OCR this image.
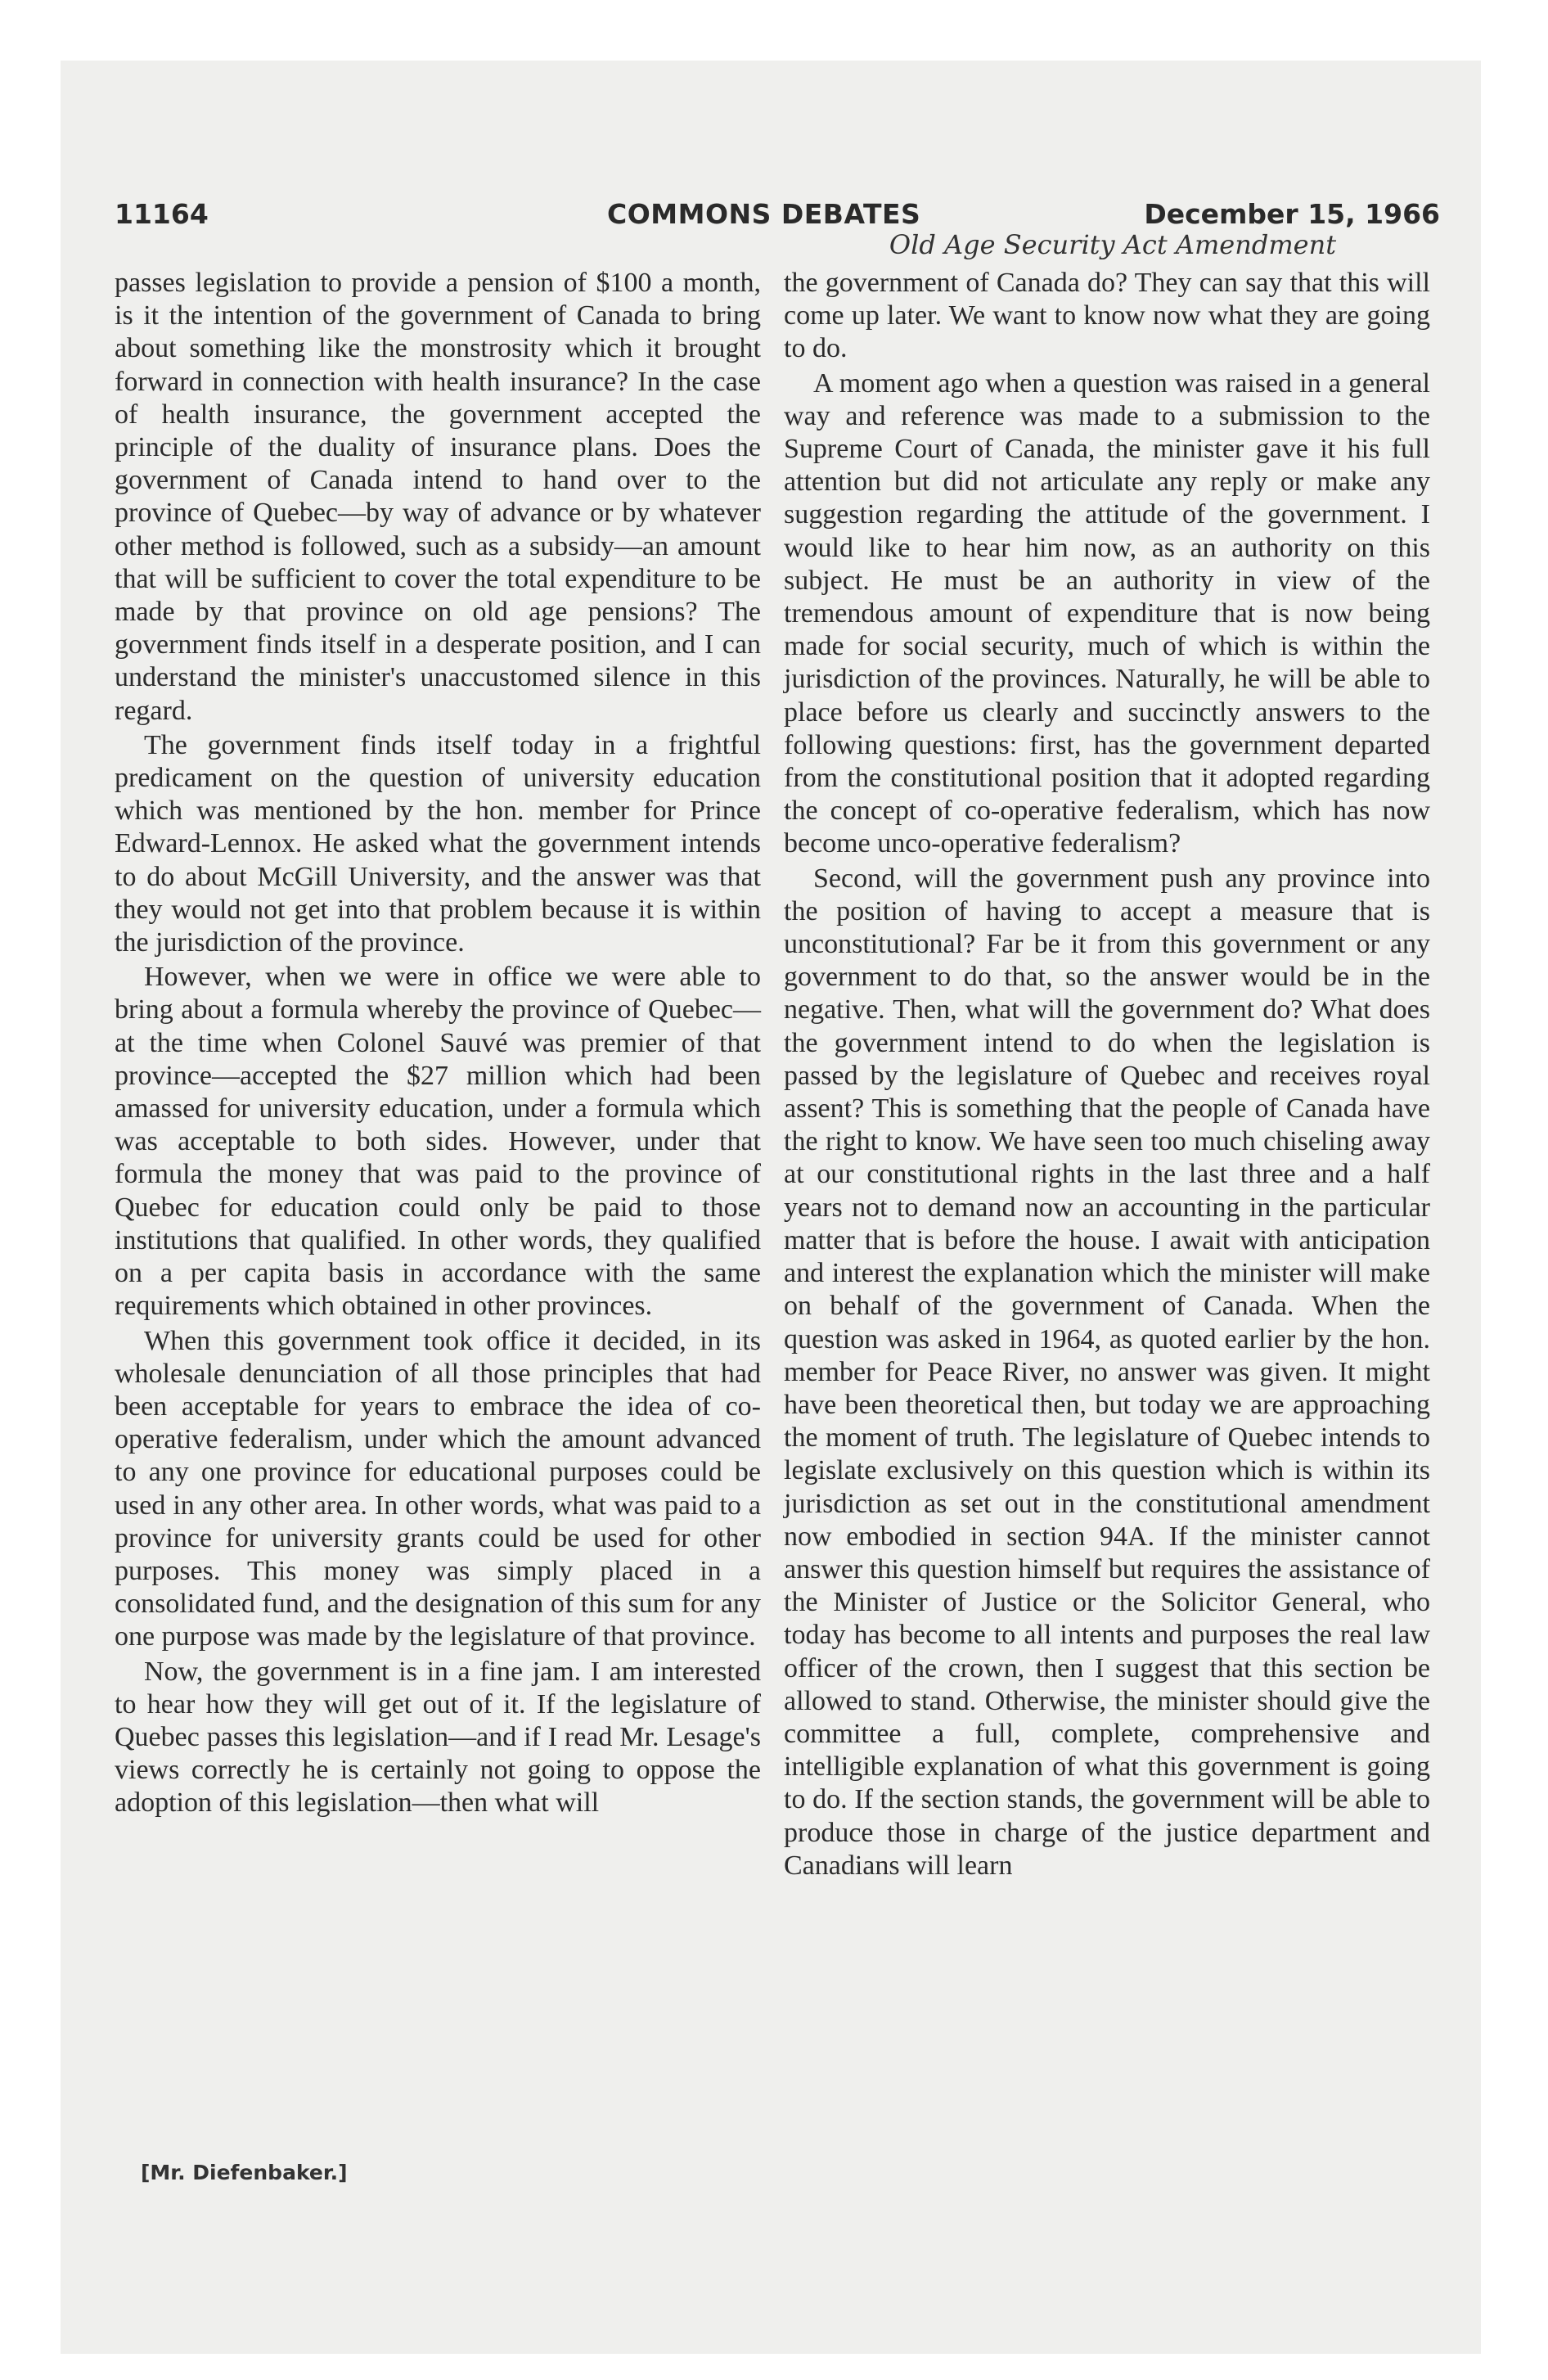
11164	COMMONS DEBATES	December 15, 1966
Old Age Security Act Amendment

passes legislation to provide a pension of $100 a month, is it the intention of the government of Canada to bring about something like the monstrosity which it brought forward in connection with health insurance? In the case of health insurance, the government accepted the principle of the duality of insurance plans. Does the government of Canada intend to hand over to the province of Quebec—by way of advance or by whatever other method is followed, such as a subsidy—an amount that will be sufficient to cover the total expenditure to be made by that province on old age pensions? The government finds itself in a desperate position, and I can understand the minister's unaccustomed silence in this regard.

The government finds itself today in a frightful predicament on the question of university education which was mentioned by the hon. member for Prince Edward-Lennox. He asked what the government intends to do about McGill University, and the answer was that they would not get into that problem because it is within the jurisdiction of the province.

However, when we were in office we were able to bring about a formula whereby the province of Quebec—at the time when Colonel Sauvé was premier of that province—accepted the $27 million which had been amassed for university education, under a formula which was acceptable to both sides. However, under that formula the money that was paid to the province of Quebec for education could only be paid to those institutions that qualified. In other words, they qualified on a per capita basis in accordance with the same requirements which obtained in other provinces.

When this government took office it decided, in its wholesale denunciation of all those principles that had been acceptable for years to embrace the idea of co-operative federalism, under which the amount advanced to any one province for educational purposes could be used in any other area. In other words, what was paid to a province for university grants could be used for other purposes. This money was simply placed in a consolidated fund, and the designation of this sum for any one purpose was made by the legislature of that province.

Now, the government is in a fine jam. I am interested to hear how they will get out of it. If the legislature of Quebec passes this legislation—and if I read Mr. Lesage's views correctly he is certainly not going to oppose the adoption of this legislation—then what will

the government of Canada do? They can say that this will come up later. We want to know now what they are going to do.

A moment ago when a question was raised in a general way and reference was made to a submission to the Supreme Court of Canada, the minister gave it his full attention but did not articulate any reply or make any suggestion regarding the attitude of the government. I would like to hear him now, as an authority on this subject. He must be an authority in view of the tremendous amount of expenditure that is now being made for social security, much of which is within the jurisdiction of the provinces. Naturally, he will be able to place before us clearly and succinctly answers to the following questions: first, has the government departed from the constitutional position that it adopted regarding the concept of co-operative federalism, which has now become unco-operative federalism?

Second, will the government push any province into the position of having to accept a measure that is unconstitutional? Far be it from this government or any government to do that, so the answer would be in the negative. Then, what will the government do? What does the government intend to do when the legislation is passed by the legislature of Quebec and receives royal assent? This is something that the people of Canada have the right to know. We have seen too much chiseling away at our constitutional rights in the last three and a half years not to demand now an accounting in the particular matter that is before the house. I await with anticipation and interest the explanation which the minister will make on behalf of the government of Canada. When the question was asked in 1964, as quoted earlier by the hon. member for Peace River, no answer was given. It might have been theoretical then, but today we are approaching the moment of truth. The legislature of Quebec intends to legislate exclusively on this question which is within its jurisdiction as set out in the constitutional amendment now embodied in section 94A. If the minister cannot answer this question himself but requires the assistance of the Minister of Justice or the Solicitor General, who today has become to all intents and purposes the real law officer of the crown, then I suggest that this section be allowed to stand. Otherwise, the minister should give the committee a full, complete, comprehensive and intelligible explanation of what this government is going to do. If the section stands, the government will be able to produce those in charge of the justice department and Canadians will learn

[Mr. Diefenbaker.]
